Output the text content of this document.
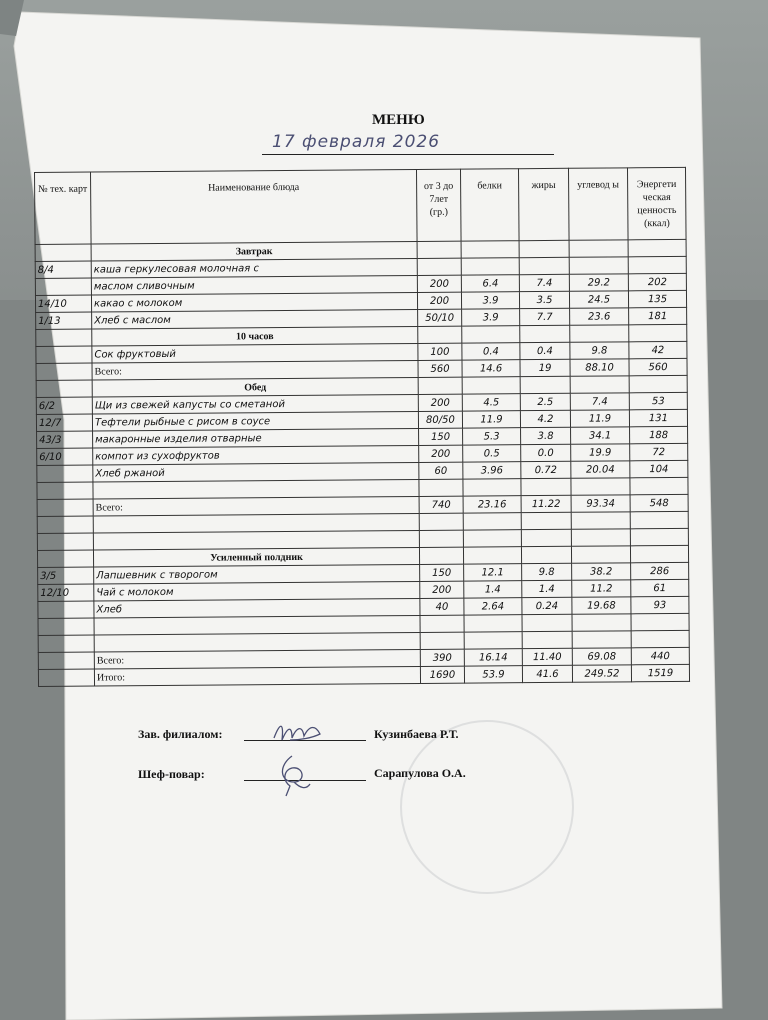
МЕНЮ
17 февраля 2026
№ тех. карт	Наименование блюда	от 3 до 7лет (гр.)	белки	жиры	углевод ы	Энергети ческая ценность (ккал)
	Завтрак					
8/4	каша геркулесовая молочная с					
	маслом сливочным	200	6.4	7.4	29.2	202
14/10	какао с молоком	200	3.9	3.5	24.5	135
1/13	Хлеб с маслом	50/10	3.9	7.7	23.6	181
	10 часов					
	Сок фруктовый	100	0.4	0.4	9.8	42
	Всего:	560	14.6	19	88.10	560
	Обед					
6/2	Щи из свежей капусты со сметаной	200	4.5	2.5	7.4	53
12/7	Тефтели рыбные с рисом в соусе	80/50	11.9	4.2	11.9	131
43/3	макаронные изделия отварные	150	5.3	3.8	34.1	188
6/10	компот из сухофруктов	200	0.5	0.0	19.9	72
	Хлеб ржаной	60	3.96	0.72	20.04	104

	Всего:	740	23.16	11.22	93.34	548

	Усиленный полдник					
3/5	Лапшевник с творогом	150	12.1	9.8	38.2	286
12/10	Чай с молоком	200	1.4	1.4	11.2	61
	Хлеб	40	2.64	0.24	19.68	93

	Всего:	390	16.14	11.40	69.08	440
	Итого:	1690	53.9	41.6	249.52	1519
Зав. филиалом:	Кузинбаева Р.Т.
Шеф-повар:	Сарапулова О.А.
